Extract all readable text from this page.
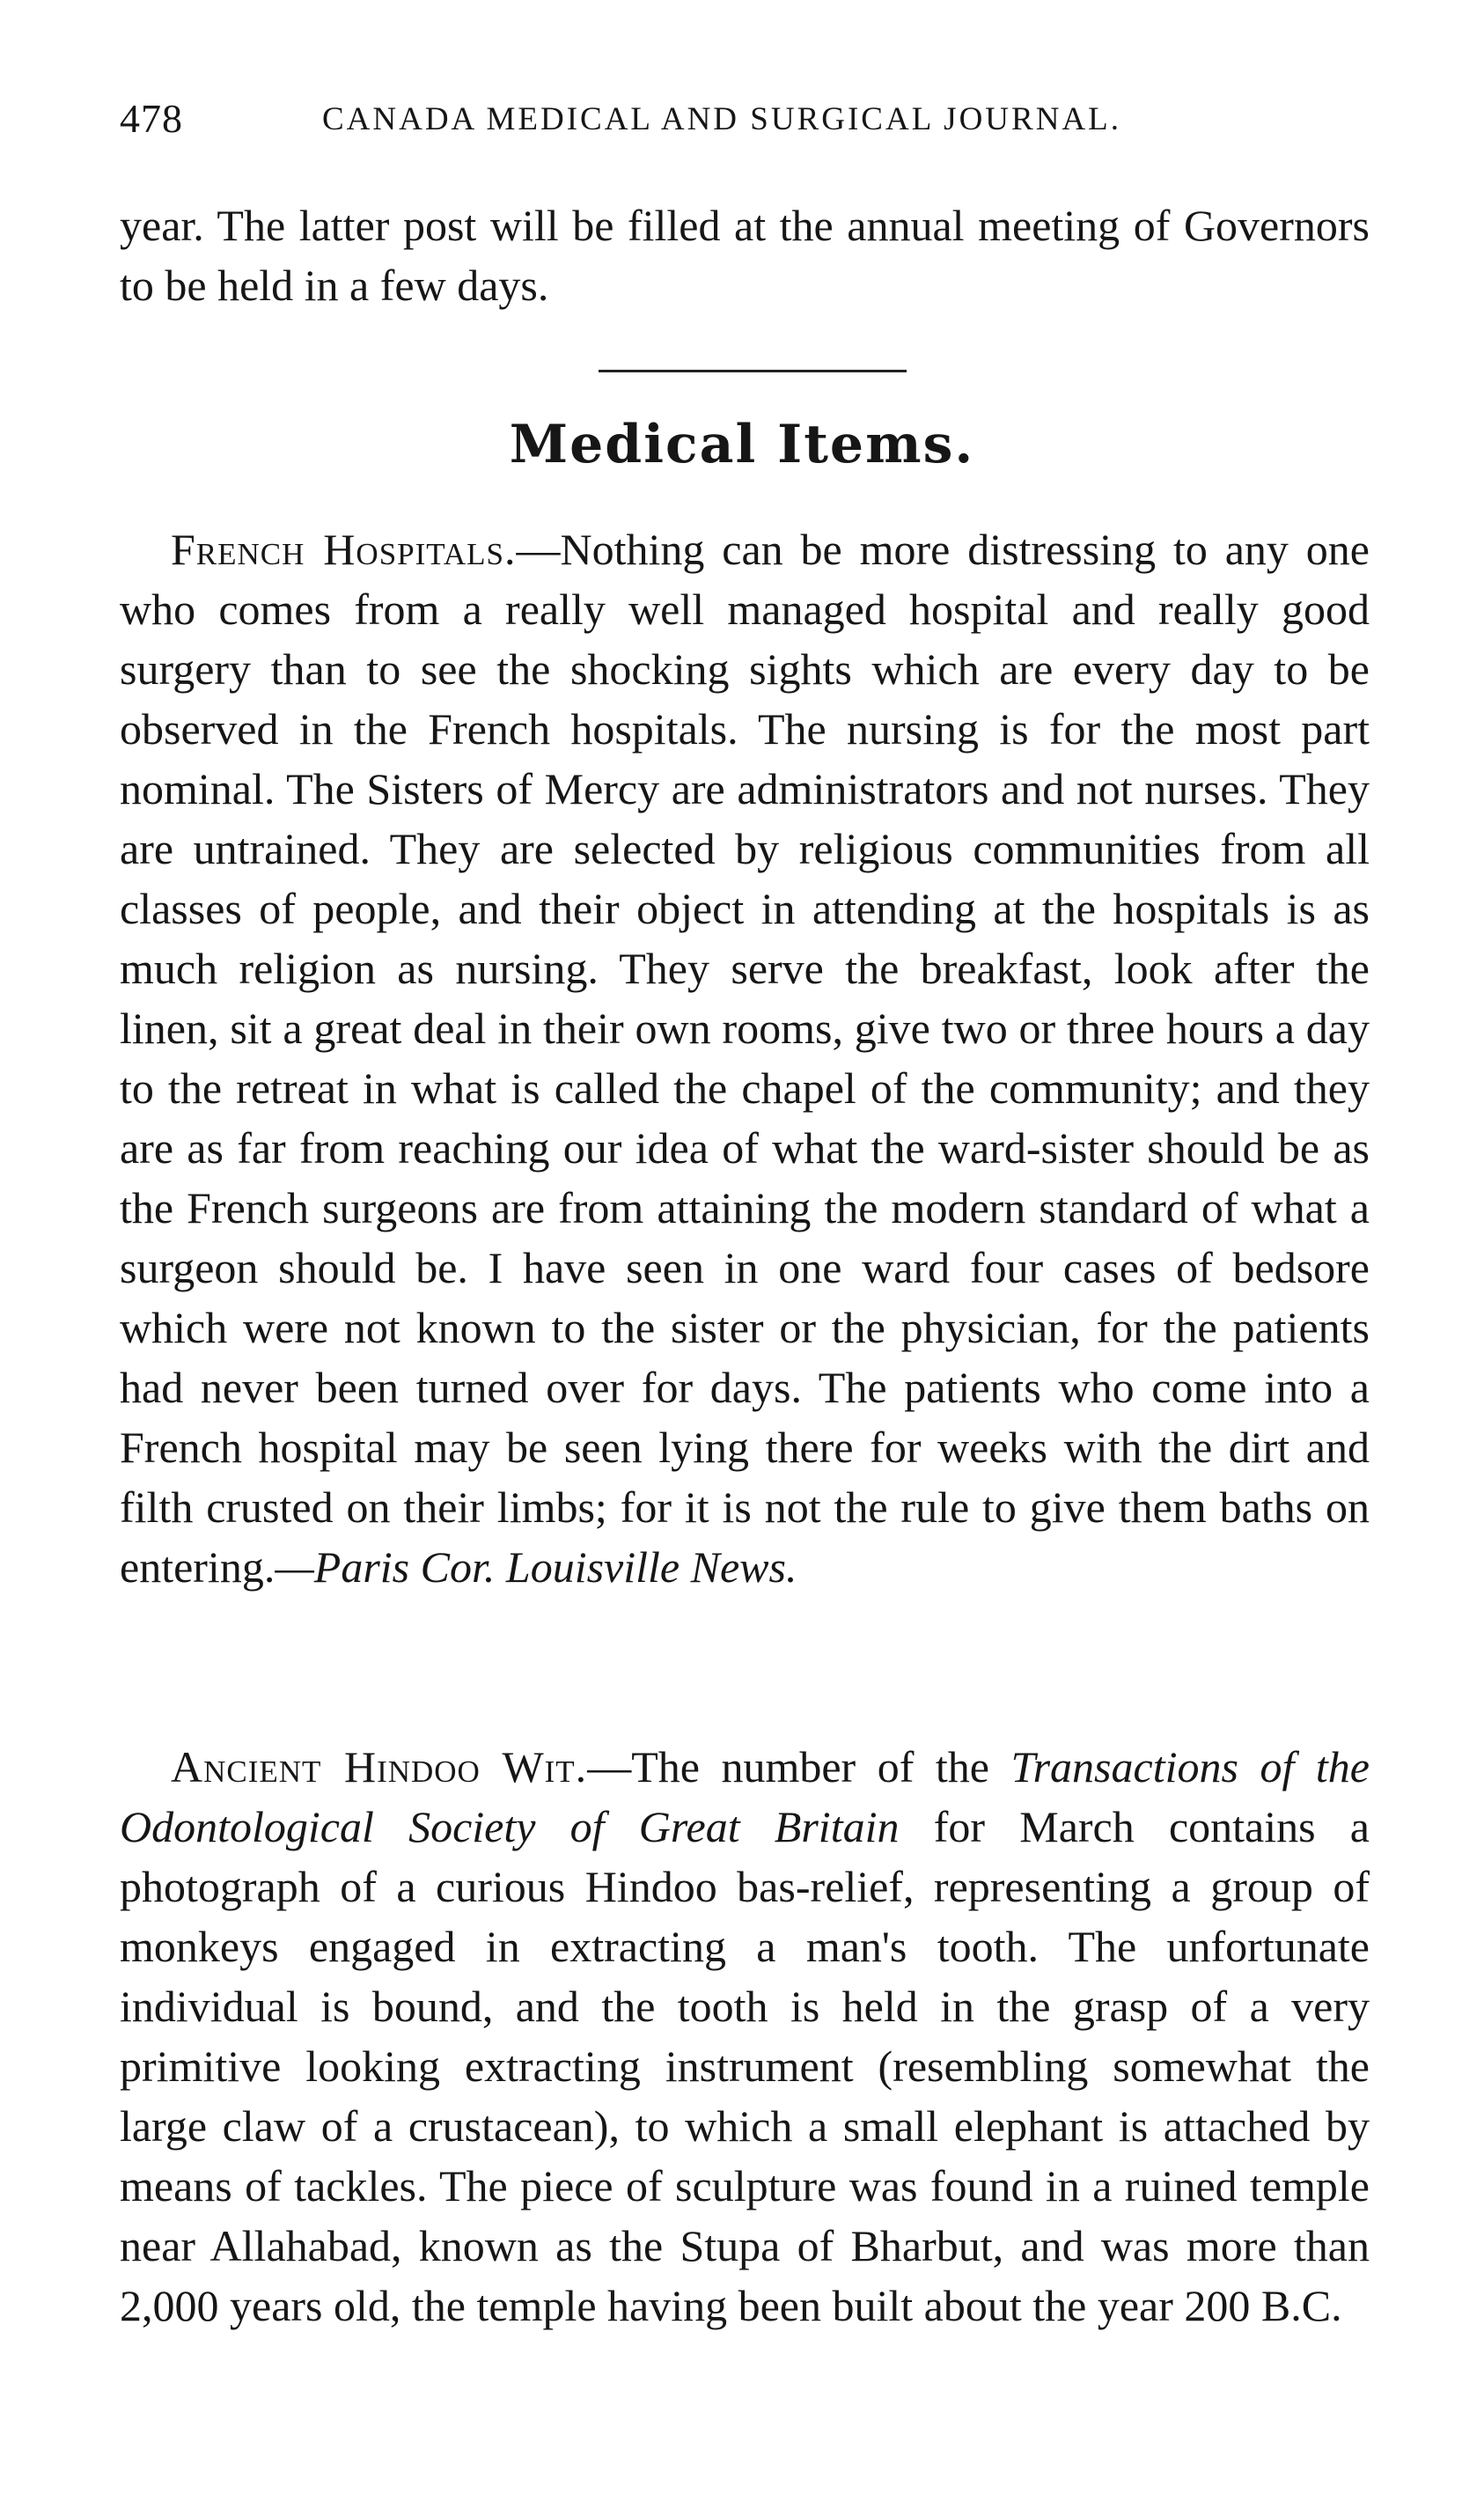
478	CANADA MEDICAL AND SURGICAL JOURNAL.
year. The latter post will be filled at the annual meeting of Governors to be held in a few days.
Medical Items.
French Hospitals.—Nothing can be more distressing to any one who comes from a really well managed hospital and really good surgery than to see the shocking sights which are every day to be observed in the French hospitals. The nursing is for the most part nominal. The Sisters of Mercy are administrators and not nurses. They are untrained. They are selected by religious communities from all classes of people, and their object in attending at the hospitals is as much religion as nursing. They serve the breakfast, look after the linen, sit a great deal in their own rooms, give two or three hours a day to the retreat in what is called the chapel of the community; and they are as far from reaching our idea of what the ward-sister should be as the French surgeons are from attaining the modern standard of what a surgeon should be. I have seen in one ward four cases of bedsore which were not known to the sister or the physician, for the patients had never been turned over for days. The patients who come into a French hospital may be seen lying there for weeks with the dirt and filth crusted on their limbs; for it is not the rule to give them baths on entering.—Paris Cor. Louisville News.
Ancient Hindoo Wit.—The number of the Transactions of the Odontological Society of Great Britain for March contains a photograph of a curious Hindoo bas-relief, representing a group of monkeys engaged in extracting a man's tooth. The unfortunate individual is bound, and the tooth is held in the grasp of a very primitive looking extracting instrument (resembling somewhat the large claw of a crustacean), to which a small elephant is attached by means of tackles. The piece of sculpture was found in a ruined temple near Allahabad, known as the Stupa of Bharbut, and was more than 2,000 years old, the temple having been built about the year 200 B.C.
